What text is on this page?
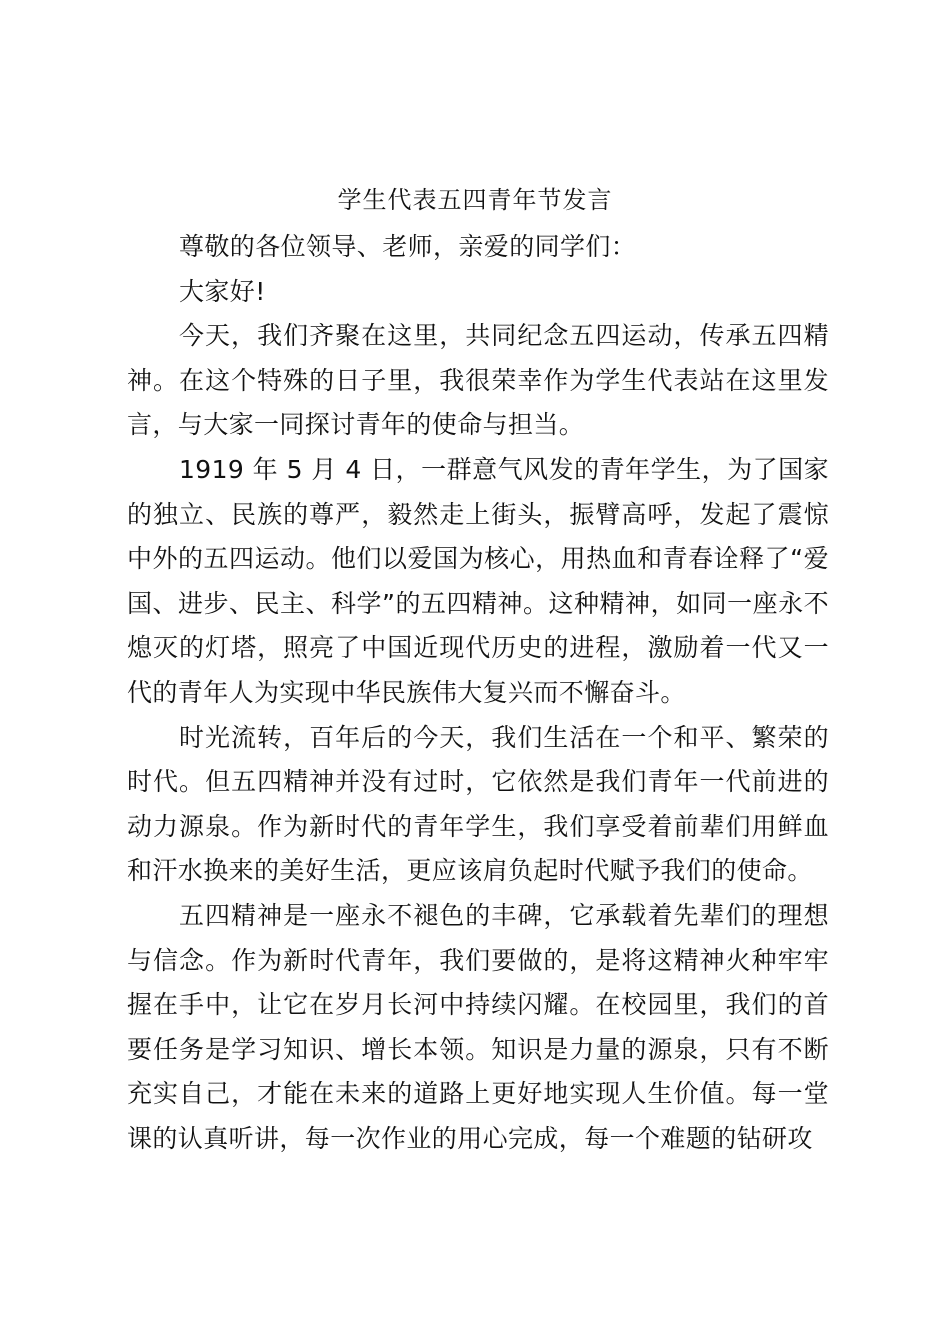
学生代表五四青年节发言

尊敬的各位领导、老师，亲爱的同学们：

大家好!

今天，我们齐聚在这里，共同纪念五四运动，传承五四精神。在这个特殊的日子里，我很荣幸作为学生代表站在这里发言，与大家一同探讨青年的使命与担当。

1919 年 5 月 4 日，一群意气风发的青年学生，为了国家的独立、民族的尊严，毅然走上街头，振臂高呼，发起了震惊中外的五四运动。他们以爱国为核心，用热血和青春诠释了“爱国、进步、民主、科学”的五四精神。这种精神，如同一座永不熄灭的灯塔，照亮了中国近现代历史的进程，激励着一代又一代的青年人为实现中华民族伟大复兴而不懈奋斗。

时光流转，百年后的今天，我们生活在一个和平、繁荣的时代。但五四精神并没有过时，它依然是我们青年一代前进的动力源泉。作为新时代的青年学生，我们享受着前辈们用鲜血和汗水换来的美好生活，更应该肩负起时代赋予我们的使命。

五四精神是一座永不褪色的丰碑，它承载着先辈们的理想与信念。作为新时代青年，我们要做的，是将这精神火种牢牢握在手中，让它在岁月长河中持续闪耀。在校园里，我们的首要任务是学习知识、增长本领。知识是力量的源泉，只有不断充实自己，才能在未来的道路上更好地实现人生价值。每一堂课的认真听讲，每一次作业的用心完成，每一个难题的钻研攻
